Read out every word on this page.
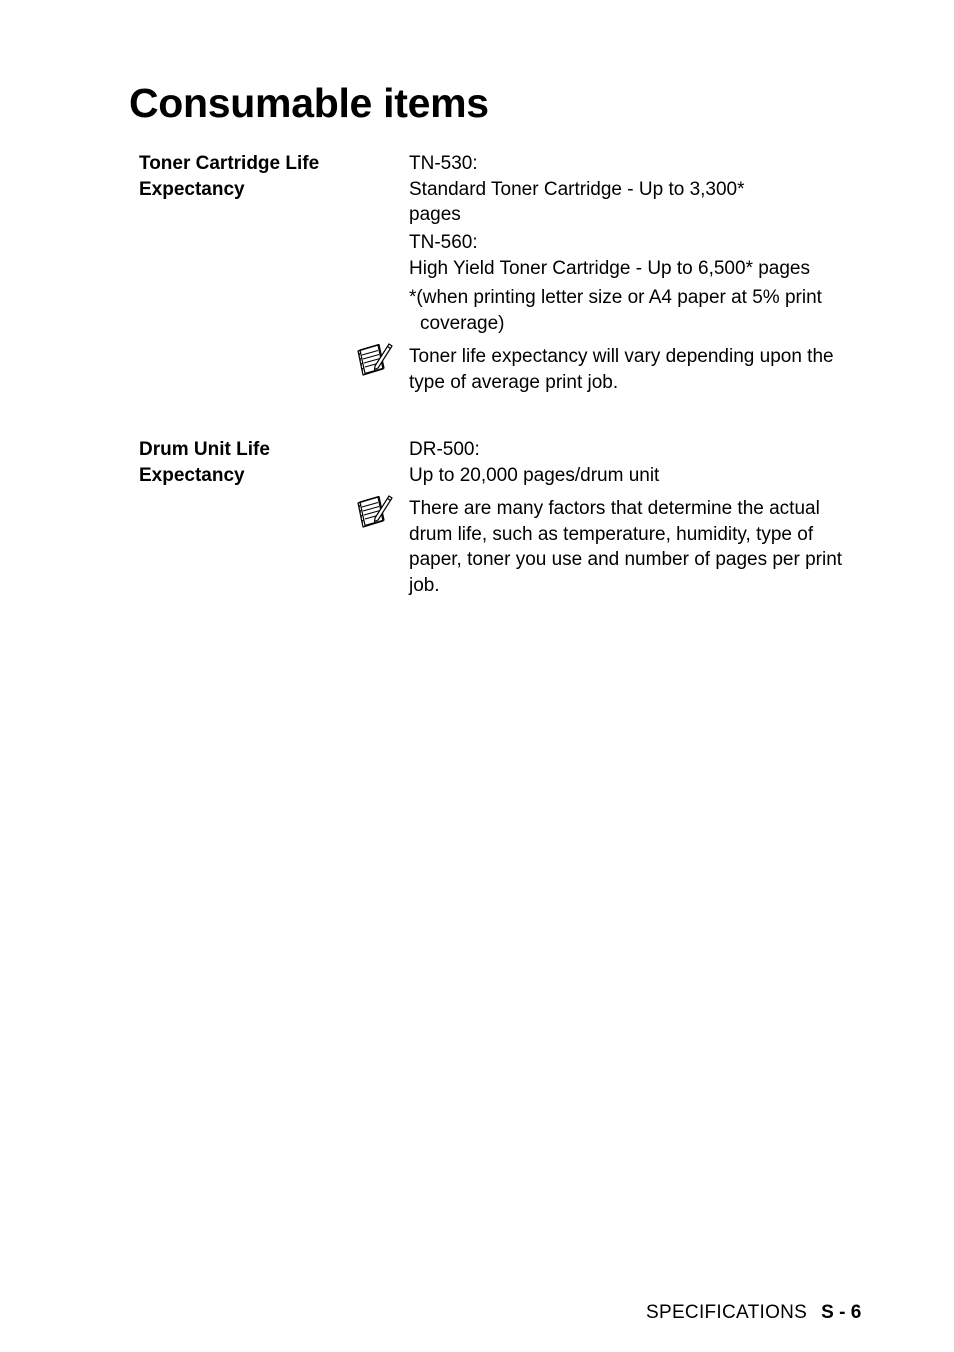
Consumable items
Toner Cartridge Life
Expectancy

TN-530:

Standard Toner Cartridge - Up to 3,300*

pages

TN-560:

High Yield Toner Cartridge - Up to 6,500* pages

*(when printing letter size or A4 paper at 5% print

coverage)

Toner life expectancy will vary depending upon the

type of average print job.

Drum Unit Life
Expectancy

DR-500:

Up to 20,000 pages/drum unit

There are many factors that determine the actual

drum life, such as temperature, humidity, type of

paper, toner you use and number of pages per print

job.

SPECIFICATIONS S - 6
